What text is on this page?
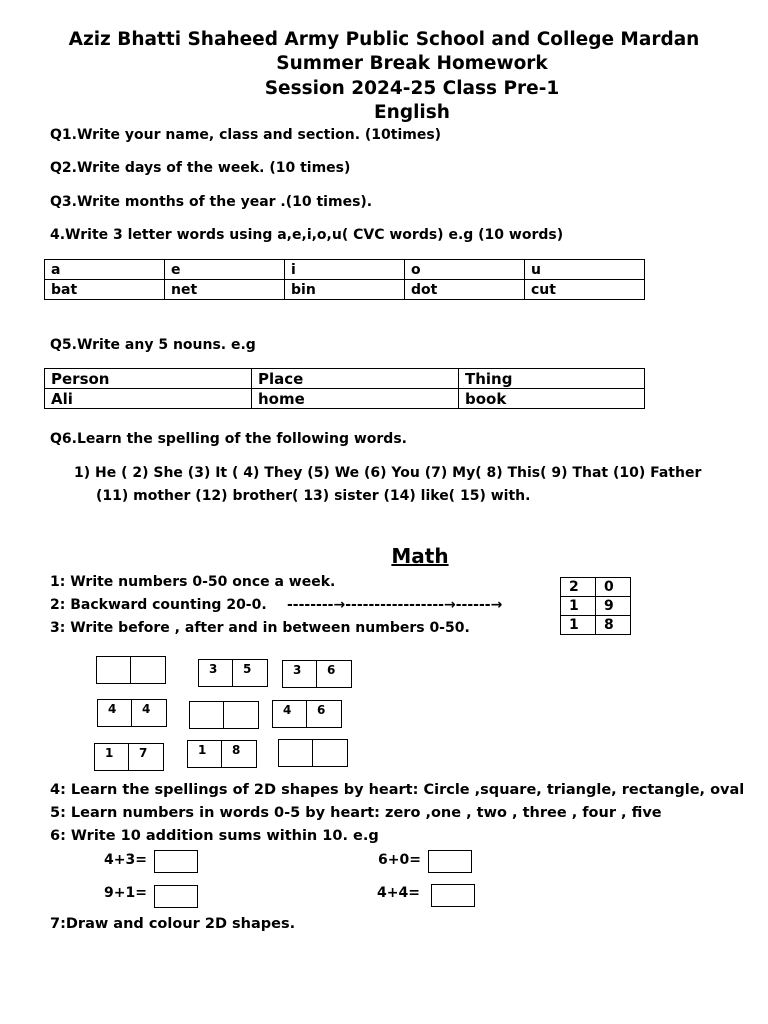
Aziz Bhatti Shaheed Army Public School and College Mardan
Summer Break Homework
Session 2024-25 Class Pre-1
English
Q1.Write your name, class and section. (10times)
Q2.Write days of the week. (10 times)
Q3.Write months of the year .(10 times).
4.Write 3 letter words using a,e,i,o,u( CVC words) e.g (10 words)
a	e	i	o	u
bat	net	bin	dot	cut
Q5.Write any 5 nouns. e.g
Person	Place	Thing
Ali	home	book
Q6.Learn the spelling of the following words.
1) He ( 2) She (3) It ( 4) They (5) We (6) You (7) My( 8) This( 9) That (10) Father
(11) mother (12) brother( 13) sister (14) like( 15) with.
Math
1: Write numbers 0-50 once a week.
2: Backward counting 20-0. --------→-----------------→------→
3: Write before , after and in between numbers 0-50.
2	0
1	9
1	8
3	5	3	6
4	4	4	6
1	7	1	8
4: Learn the spellings of 2D shapes by heart: Circle ,square, triangle, rectangle, oval
5: Learn numbers in words 0-5 by heart: zero ,one , two , three , four , five
6: Write 10 addition sums within 10. e.g
4+3=	6+0=
9+1=	4+4=
7:Draw and colour 2D shapes.
